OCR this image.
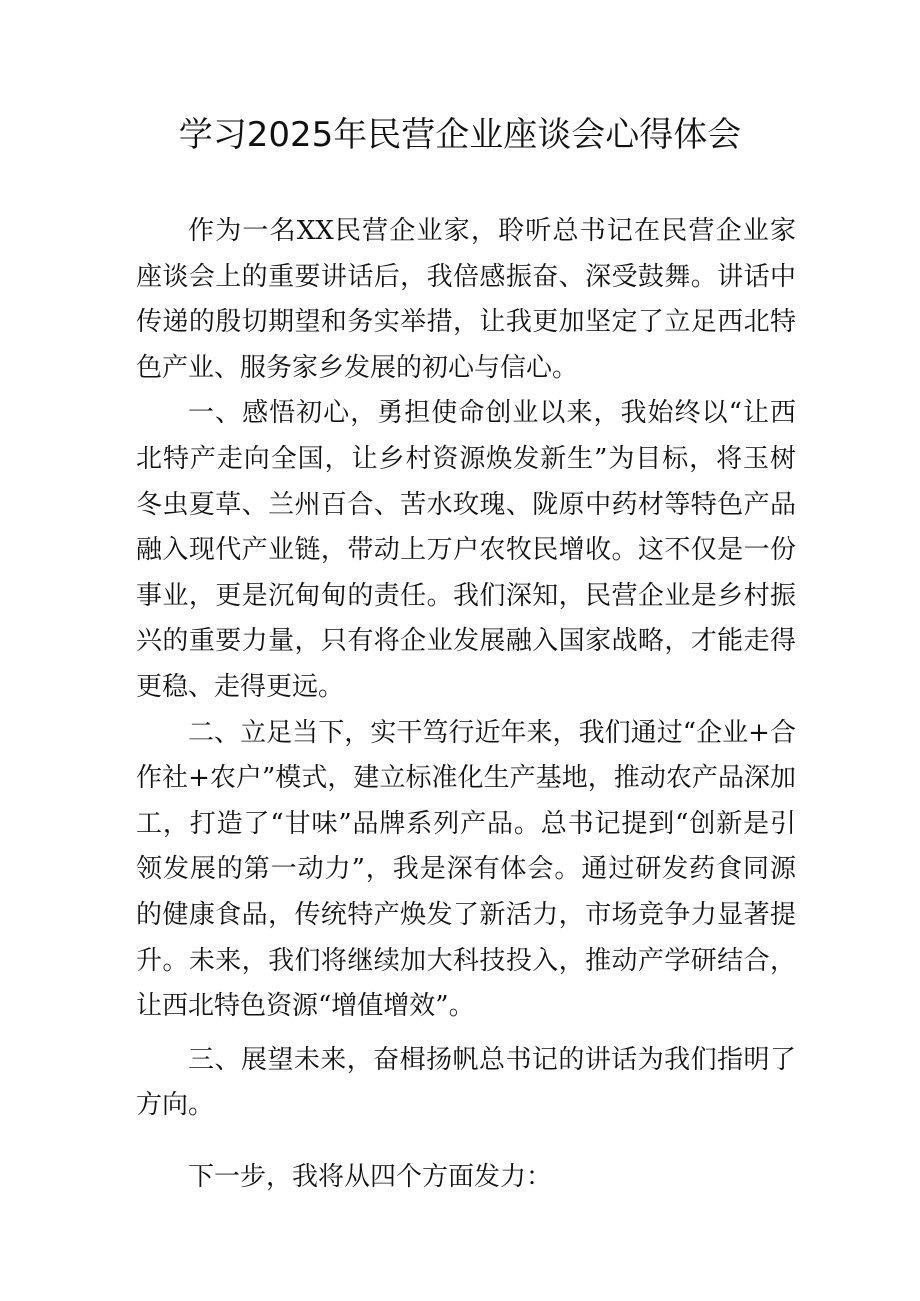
学习2025年民营企业座谈会心得体会

作为一名XX民营企业家，聆听总书记在民营企业家座谈会上的重要讲话后，我倍感振奋、深受鼓舞。讲话中传递的殷切期望和务实举措，让我更加坚定了立足西北特色产业、服务家乡发展的初心与信心。

一、感悟初心，勇担使命创业以来，我始终以“让西北特产走向全国，让乡村资源焕发新生”为目标，将玉树冬虫夏草、兰州百合、苦水玫瑰、陇原中药材等特色产品融入现代产业链，带动上万户农牧民增收。这不仅是一份事业，更是沉甸甸的责任。我们深知，民营企业是乡村振兴的重要力量，只有将企业发展融入国家战略，才能走得更稳、走得更远。

二、立足当下，实干笃行近年来，我们通过“企业+合作社+农户”模式，建立标准化生产基地，推动农产品深加工，打造了“甘味”品牌系列产品。总书记提到“创新是引领发展的第一动力”，我是深有体会。通过研发药食同源的健康食品，传统特产焕发了新活力，市场竞争力显著提升。未来，我们将继续加大科技投入，推动产学研结合，让西北特色资源“增值增效”。

三、展望未来，奋楫扬帆总书记的讲话为我们指明了方向。

下一步，我将从四个方面发力：
